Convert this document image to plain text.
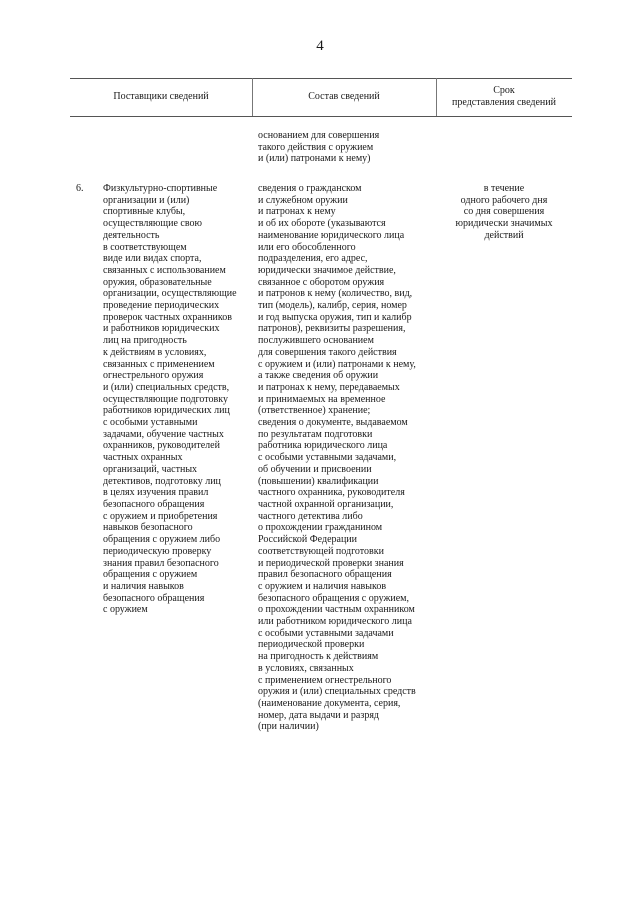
4
Поставщики сведений	Состав сведений
Срок
представления сведений
основанием для совершения
такого действия с оружием
и (или) патронами к нему)
6. Физкультурно-спортивные
организации и (или)
спортивные клубы,
осуществляющие свою
деятельность
в соответствующем
виде или видах спорта,
связанных с использованием
оружия, образовательные
организации, осуществляющие
проведение периодических
проверок частных охранников
и работников юридических
лиц на пригодность
к действиям в условиях,
связанных с применением
огнестрельного оружия
и (или) специальных средств,
осуществляющие подготовку
работников юридических лиц
с особыми уставными
задачами, обучение частных
охранников, руководителей
частных охранных
организаций, частных
детективов, подготовку лиц
в целях изучения правил
безопасного обращения
с оружием и приобретения
навыков безопасного
обращения с оружием либо
периодическую проверку
знания правил безопасного
обращения с оружием
и наличия навыков
безопасного обращения
с оружием
сведения о гражданском
и служебном оружии
и патронах к нему
и об их обороте (указываются
наименование юридического лица
или его обособленного
подразделения, его адрес,
юридически значимое действие,
связанное с оборотом оружия
и патронов к нему (количество, вид,
тип (модель), калибр, серия, номер
и год выпуска оружия, тип и калибр
патронов), реквизиты разрешения,
послужившего основанием
для совершения такого действия
с оружием и (или) патронами к нему,
а также сведения об оружии
и патронах к нему, передаваемых
и принимаемых на временное
(ответственное) хранение;
сведения о документе, выдаваемом
по результатам подготовки
работника юридического лица
с особыми уставными задачами,
об обучении и присвоении
(повышении) квалификации
частного охранника, руководителя
частной охранной организации,
частного детектива либо
о прохождении гражданином
Российской Федерации
соответствующей подготовки
и периодической проверки знания
правил безопасного обращения
с оружием и наличия навыков
безопасного обращения с оружием,
о прохождении частным охранником
или работником юридического лица
с особыми уставными задачами
периодической проверки
на пригодность к действиям
в условиях, связанных
с применением огнестрельного
оружия и (или) специальных средств
(наименование документа, серия,
номер, дата выдачи и разряд
(при наличии)
в течение
одного рабочего дня
со дня совершения
юридически значимых
действий
